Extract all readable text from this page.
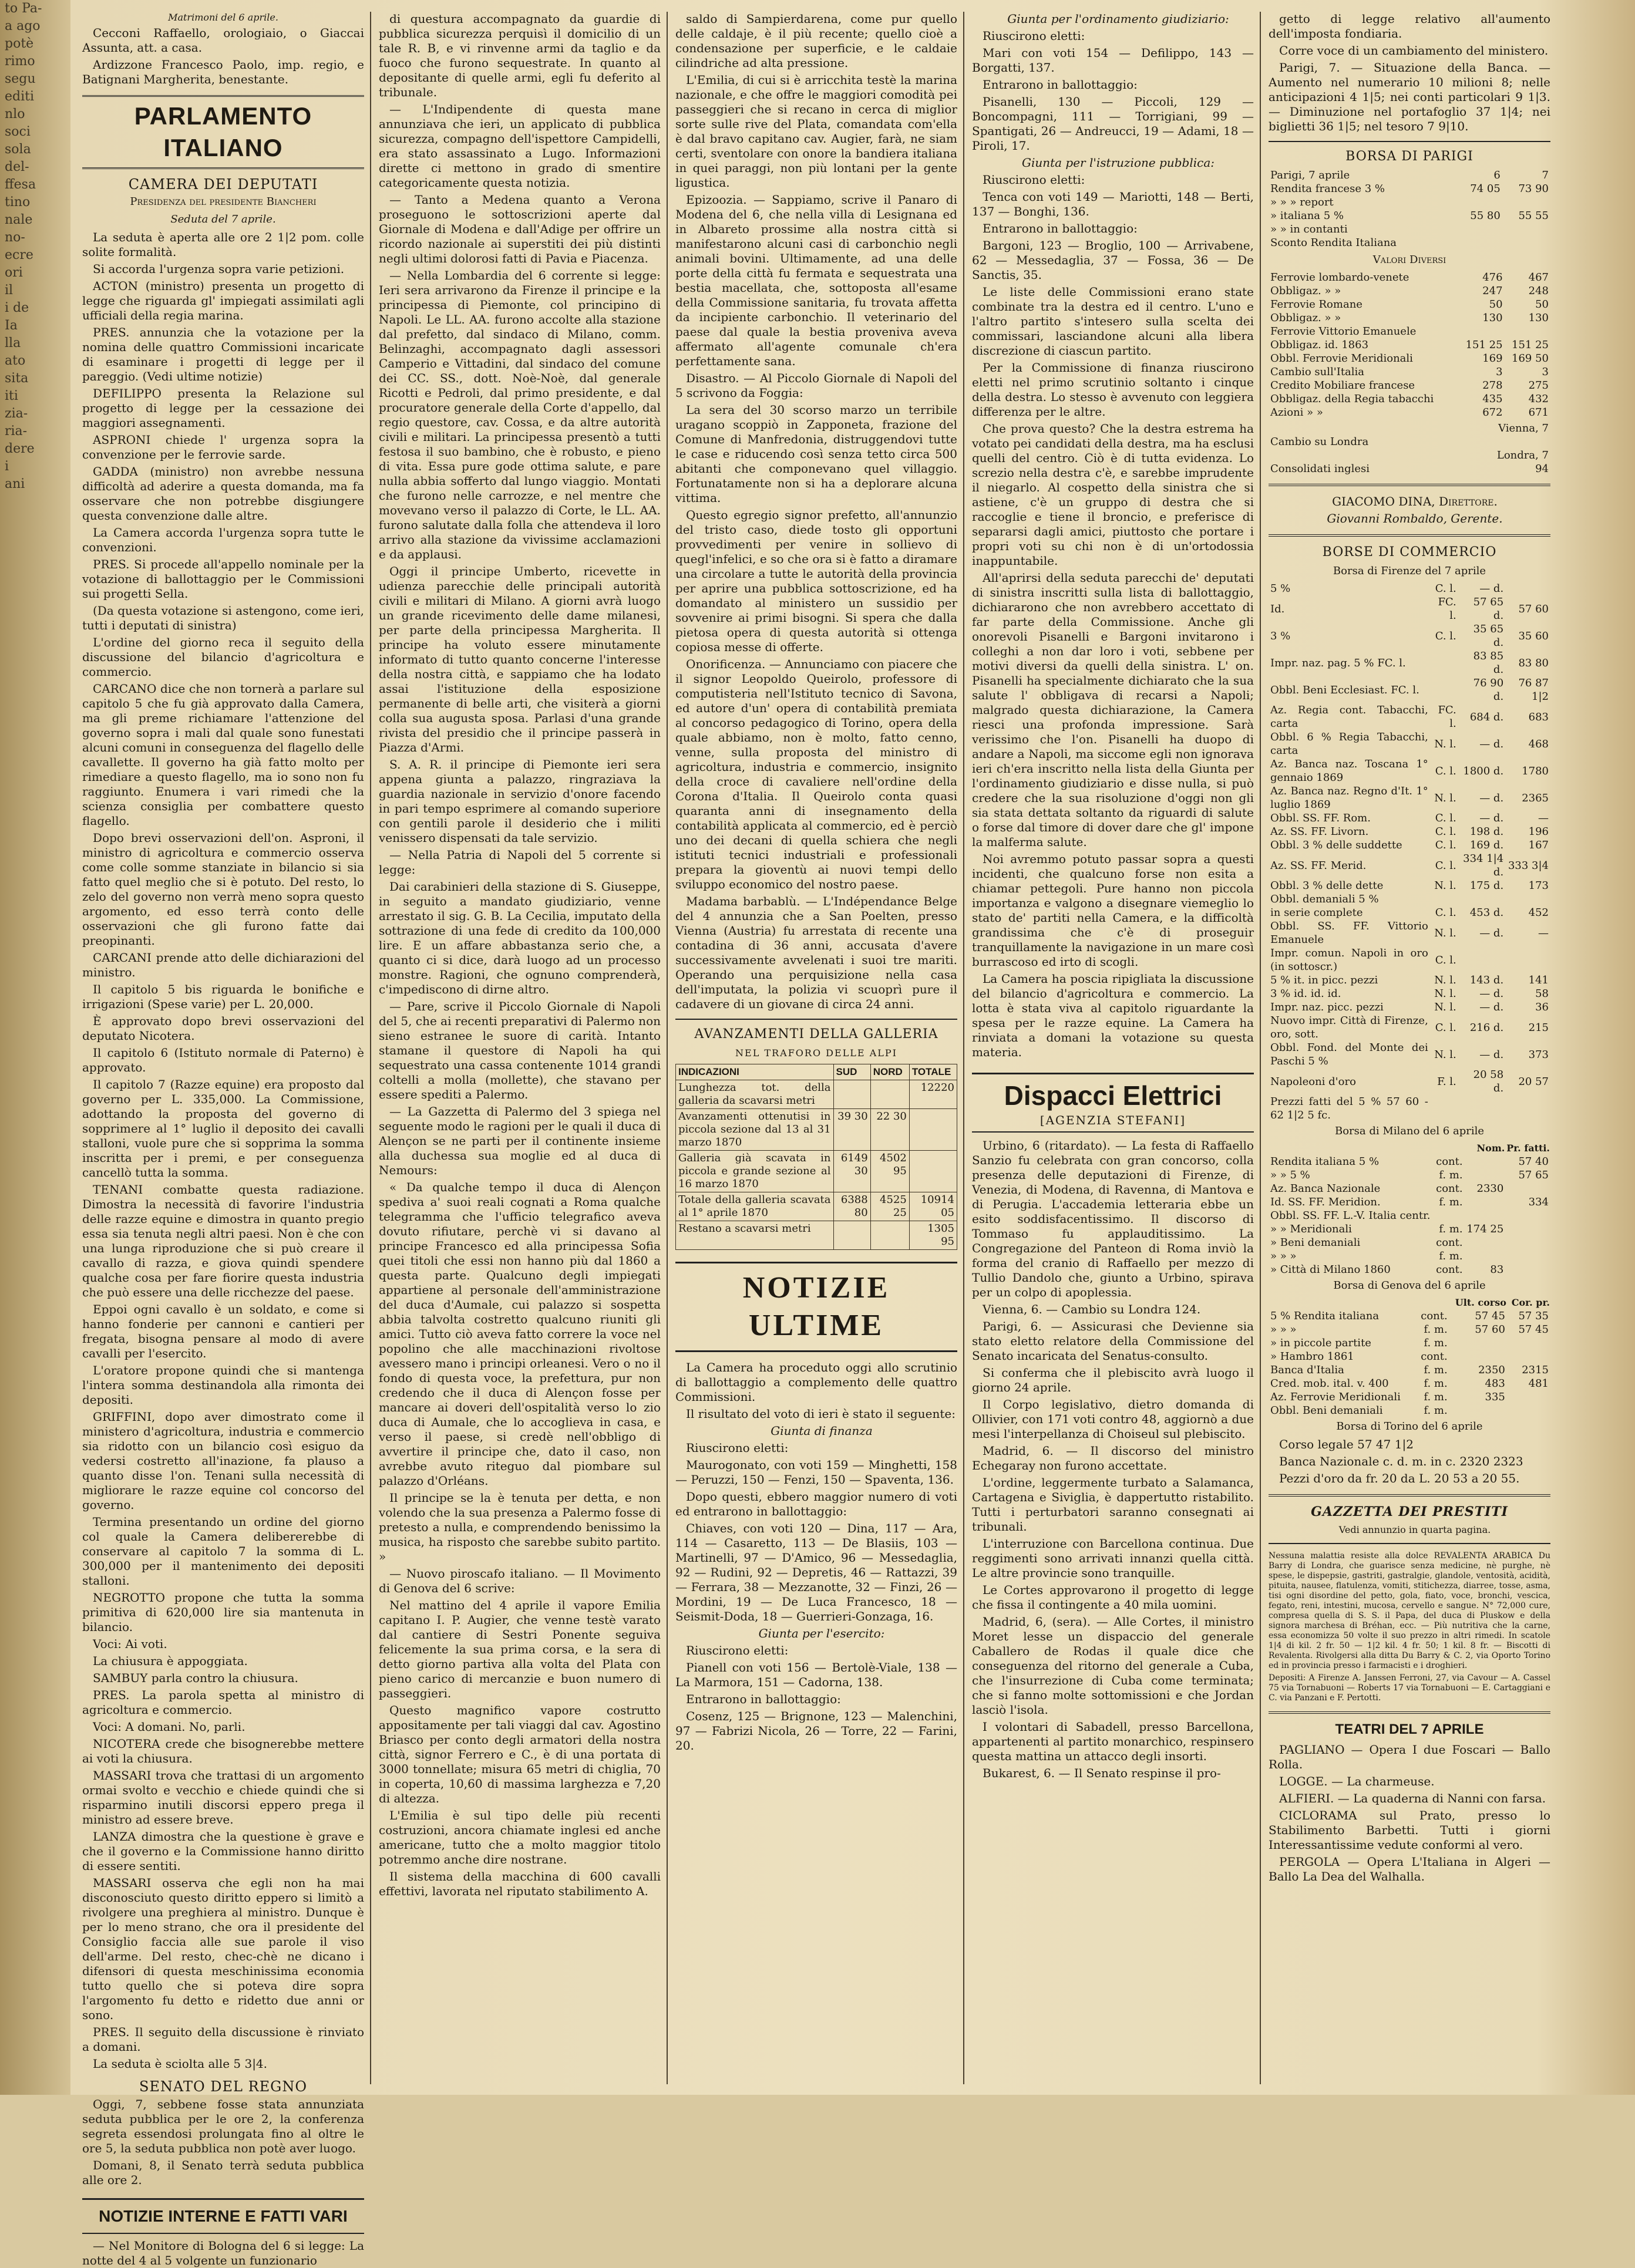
to Pa-

a ago

potè

rimo

segu

editi

nlo

soci

sola

del-

ffesa

tino

nale

no-

ecre

ori

il

i de

Ia

lla

ato

sita

iti

zia-

ria-

dere

i

ani

Matrimoni del 6 aprile.

Cecconi Raffaello, orologiaio, o Giaccai Assunta, att. a casa.

Ardizzone Francesco Paolo, imp. regio, e Batignani Margherita, benestante.

PARLAMENTO ITALIANO
CAMERA DEI DEPUTATI
Presidenza del presidente Biancheri
Seduta del 7 aprile.

La seduta è aperta alle ore 2 1|2 pom. colle solite formalità.

Si accorda l'urgenza sopra varie petizioni.

ACTON (ministro) presenta un progetto di legge che riguarda gl' impiegati assimilati agli ufficiali della regia marina.

PRES. annunzia che la votazione per la nomina delle quattro Commissioni incaricate di esaminare i progetti di legge per il pareggio. (Vedi ultime notizie)

DEFILIPPO presenta la Relazione sul progetto di legge per la cessazione dei maggiori assegnamenti.

ASPRONI chiede l' urgenza sopra la convenzione per le ferrovie sarde.

GADDA (ministro) non avrebbe nessuna difficoltà ad aderire a questa domanda, ma fa osservare che non potrebbe disgiungere questa convenzione dalle altre.

La Camera accorda l'urgenza sopra tutte le convenzioni.

PRES. Si procede all'appello nominale per la votazione di ballottaggio per le Commissioni sui progetti Sella.

(Da questa votazione si astengono, come ieri, tutti i deputati di sinistra)

L'ordine del giorno reca il seguito della discussione del bilancio d'agricoltura e commercio.

CARCANO dice che non tornerà a parlare sul capitolo 5 che fu già approvato dalla Camera, ma gli preme richiamare l'attenzione del governo sopra i mali dal quale sono funestati alcuni comuni in conseguenza del flagello delle cavallette. Il governo ha già fatto molto per rimediare a questo flagello, ma io sono non fu raggiunto. Enumera i vari rimedi che la scienza consiglia per combattere questo flagello.

Dopo brevi osservazioni dell'on. Asproni, il ministro di agricoltura e commercio osserva come colle somme stanziate in bilancio si sia fatto quel meglio che si è potuto. Del resto, lo zelo del governo non verrà meno sopra questo argomento, ed esso terrà conto delle osservazioni che gli furono fatte dai preopinanti.

CARCANI prende atto delle dichiarazioni del ministro.

Il capitolo 5 bis riguarda le bonifiche e irrigazioni (Spese varie) per L. 20,000.

È approvato dopo brevi osservazioni del deputato Nicotera.

Il capitolo 6 (Istituto normale di Paterno) è approvato.

Il capitolo 7 (Razze equine) era proposto dal governo per L. 335,000. La Commissione, adottando la proposta del governo di sopprimere al 1° luglio il deposito dei cavalli stalloni, vuole pure che si sopprima la somma inscritta per i premi, e per conseguenza cancellò tutta la somma.

TENANI combatte questa radiazione. Dimostra la necessità di favorire l'industria delle razze equine e dimostra in quanto pregio essa sia tenuta negli altri paesi. Non è che con una lunga riproduzione che si può creare il cavallo di razza, e giova quindi spendere qualche cosa per fare fiorire questa industria che può essere una delle ricchezze del paese.

Eppoi ogni cavallo è un soldato, e come si hanno fonderie per cannoni e cantieri per fregata, bisogna pensare al modo di avere cavalli per l'esercito.

L'oratore propone quindi che si mantenga l'intera somma destinandola alla rimonta dei depositi.

GRIFFINI, dopo aver dimostrato come il ministero d'agricoltura, industria e commercio sia ridotto con un bilancio così esiguo da vedersi costretto all'inazione, fa plauso a quanto disse l'on. Tenani sulla necessità di migliorare le razze equine col concorso del governo.

Termina presentando un ordine del giorno col quale la Camera delibererebbe di conservare al capitolo 7 la somma di L. 300,000 per il mantenimento dei depositi stalloni.

NEGROTTO propone che tutta la somma primitiva di 620,000 lire sia mantenuta in bilancio.

Voci: Ai voti.

La chiusura è appoggiata.

SAMBUY parla contro la chiusura.

PRES. La parola spetta al ministro di agricoltura e commercio.

Voci: A domani. No, parli.

NICOTERA crede che bisognerebbe mettere ai voti la chiusura.

MASSARI trova che trattasi di un argomento ormai svolto e vecchio e chiede quindi che si risparmino inutili discorsi eppero prega il ministro ad essere breve.

LANZA dimostra che la questione è grave e che il governo e la Commissione hanno diritto di essere sentiti.

MASSARI osserva che egli non ha mai disconosciuto questo diritto eppero si limitò a rivolgere una preghiera al ministro. Dunque è per lo meno strano, che ora il presidente del Consiglio faccia alle sue parole il viso dell'arme. Del resto, chec-chè ne dicano i difensori di questa meschinissima economia tutto quello che si poteva dire sopra l'argomento fu detto e ridetto due anni or sono.

PRES. Il seguito della discussione è rinviato a domani.

La seduta è sciolta alle 5 3|4.

SENATO DEL REGNO

Oggi, 7, sebbene fosse stata annunziata seduta pubblica per le ore 2, la conferenza segreta essendosi prolungata fino al oltre le ore 5, la seduta pubblica non potè aver luogo.

Domani, 8, il Senato terrà seduta pubblica alle ore 2.

NOTIZIE INTERNE E FATTI VARI

— Nel Monitore di Bologna del 6 si legge: La notte del 4 al 5 volgente un funzionario

di questura accompagnato da guardie di pubblica sicurezza perquisì il domicilio di un tale R. B, e vi rinvenne armi da taglio e da fuoco che furono sequestrate. In quanto al depositante di quelle armi, egli fu deferito al tribunale.

— L'Indipendente di questa mane annunziava che ieri, un applicato di pubblica sicurezza, compagno dell'ispettore Campidelli, era stato assassinato a Lugo. Informazioni dirette ci mettono in grado di smentire categoricamente questa notizia.

— Tanto a Medena quanto a Verona proseguono le sottoscrizioni aperte dal Giornale di Modena e dall'Adige per offrire un ricordo nazionale ai superstiti dei più distinti negli ultimi dolorosi fatti di Pavia e Piacenza.

— Nella Lombardia del 6 corrente si legge: Ieri sera arrivarono da Firenze il principe e la principessa di Piemonte, col principino di Napoli. Le LL. AA. furono accolte alla stazione dal prefetto, dal sindaco di Milano, comm. Belinzaghi, accompagnato dagli assessori Camperio e Vittadini, dal sindaco del comune dei CC. SS., dott. Noè-Noè, dal generale Ricotti e Pedroli, dal primo presidente, e dal procuratore generale della Corte d'appello, dal regio questore, cav. Cossa, e da altre autorità civili e militari. La principessa presentò a tutti festosa il suo bambino, che è robusto, e pieno di vita. Essa pure gode ottima salute, e pare nulla abbia sofferto dal lungo viaggio. Montati che furono nelle carrozze, e nel mentre che movevano verso il palazzo di Corte, le LL. AA. furono salutate dalla folla che attendeva il loro arrivo alla stazione da vivissime acclamazioni e da applausi.

Oggi il principe Umberto, ricevette in udienza parecchie delle principali autorità civili e militari di Milano. A giorni avrà luogo un grande ricevimento delle dame milanesi, per parte della principessa Margherita. Il principe ha voluto essere minutamente informato di tutto quanto concerne l'interesse della nostra città, e sappiamo che ha lodato assai l'istituzione della esposizione permanente di belle arti, che visiterà a giorni colla sua augusta sposa. Parlasi d'una grande rivista del presidio che il principe passerà in Piazza d'Armi.

S. A. R. il principe di Piemonte ieri sera appena giunta a palazzo, ringraziava la guardia nazionale in servizio d'onore facendo in pari tempo esprimere al comando superiore con gentili parole il desiderio che i militi venissero dispensati da tale servizio.

— Nella Patria di Napoli del 5 corrente si legge:

Dai carabinieri della stazione di S. Giuseppe, in seguito a mandato giudiziario, venne arrestato il sig. G. B. La Cecilia, imputato della sottrazione di una fede di credito da 100,000 lire. E un affare abbastanza serio che, a quanto ci si dice, darà luogo ad un processo monstre. Ragioni, che ognuno comprenderà, c'impediscono di dirne altro.

— Pare, scrive il Piccolo Giornale di Napoli del 5, che ai recenti preparativi di Palermo non sieno estranee le suore di carità. Intanto stamane il questore di Napoli ha qui sequestrato una cassa contenente 1014 grandi coltelli a molla (mollette), che stavano per essere spediti a Palermo.

— La Gazzetta di Palermo del 3 spiega nel seguente modo le ragioni per le quali il duca di Alençon se ne parti per il continente insieme alla duchessa sua moglie ed al duca di Nemours:

« Da qualche tempo il duca di Alençon spediva a' suoi reali cognati a Roma qualche telegramma che l'ufficio telegrafico aveva dovuto rifiutare, perchè vi si davano al principe Francesco ed alla principessa Sofia quei titoli che essi non hanno più dal 1860 a questa parte. Qualcuno degli impiegati appartiene al personale dell'amministrazione del duca d'Aumale, cui palazzo si sospetta abbia talvolta costretto qualcuno riuniti gli amici. Tutto ciò aveva fatto correre la voce nel popolino che alle macchinazioni rivoltose avessero mano i principi orleanesi. Vero o no il fondo di questa voce, la prefettura, pur non credendo che il duca di Alençon fosse per mancare ai doveri dell'ospitalità verso lo zio duca di Aumale, che lo accoglieva in casa, e verso il paese, si credè nell'obbligo di avvertire il principe che, dato il caso, non avrebbe avuto riteguo dal piombare sul palazzo d'Orléans.

Il principe se la è tenuta per detta, e non volendo che la sua presenza a Palermo fosse di pretesto a nulla, e comprendendo benissimo la musica, ha risposto che sarebbe subito partito. »

— Nuovo piroscafo italiano. — Il Movimento di Genova del 6 scrive:

Nel mattino del 4 aprile il vapore Emilia capitano I. P. Augier, che venne testè varato dal cantiere di Sestri Ponente seguiva felicemente la sua prima corsa, e la sera di detto giorno partiva alla volta del Plata con pieno carico di mercanzie e buon numero di passeggieri.

Questo magnifico vapore costrutto appositamente per tali viaggi dal cav. Agostino Briasco per conto degli armatori della nostra città, signor Ferrero e C., è di una portata di 3000 tonnellate; misura 65 metri di chiglia, 70 in coperta, 10,60 di massima larghezza e 7,20 di altezza.

L'Emilia è sul tipo delle più recenti costruzioni, ancora chiamate inglesi ed anche americane, tutto che a molto maggior titolo potremmo anche dire nostrane.

Il sistema della macchina di 600 cavalli effettivi, lavorata nel riputato stabilimento A.

saldo di Sampierdarena, come pur quello delle caldaje, è il più recente; quello cioè a condensazione per superficie, e le caldaie cilindriche ad alta pressione.

L'Emilia, di cui si è arricchita testè la marina nazionale, e che offre le maggiori comodità pei passeggieri che si recano in cerca di miglior sorte sulle rive del Plata, comandata com'ella è dal bravo capitano cav. Augier, farà, ne siam certi, sventolare con onore la bandiera italiana in quei paraggi, non più lontani per la gente ligustica.

Epizoozia. — Sappiamo, scrive il Panaro di Modena del 6, che nella villa di Lesignana ed in Albareto prossime alla nostra città si manifestarono alcuni casi di carbonchio negli animali bovini. Ultimamente, ad una delle porte della città fu fermata e sequestrata una bestia macellata, che, sottoposta all'esame della Commissione sanitaria, fu trovata affetta da incipiente carbonchio. Il veterinario del paese dal quale la bestia proveniva aveva affermato all'agente comunale ch'era perfettamente sana.

Disastro. — Al Piccolo Giornale di Napoli del 5 scrivono da Foggia:

La sera del 30 scorso marzo un terribile uragano scoppiò in Zapponeta, frazione del Comune di Manfredonia, distruggendovi tutte le case e riducendo così senza tetto circa 500 abitanti che componevano quel villaggio. Fortunatamente non si ha a deplorare alcuna vittima.

Questo egregio signor prefetto, all'annunzio del tristo caso, diede tosto gli opportuni provvedimenti per venire in sollievo di quegl'infelici, e so che ora si è fatto a diramare una circolare a tutte le autorità della provincia per aprire una pubblica sottoscrizione, ed ha domandato al ministero un sussidio per sovvenire ai primi bisogni. Si spera che dalla pietosa opera di questa autorità si ottenga copiosa messe di offerte.

Onorificenza. — Annunciamo con piacere che il signor Leopoldo Queirolo, professore di computisteria nell'Istituto tecnico di Savona, ed autore d'un' opera di contabilità premiata al concorso pedagogico di Torino, opera della quale abbiamo, non è molto, fatto cenno, venne, sulla proposta del ministro di agricoltura, industria e commercio, insignito della croce di cavaliere nell'ordine della Corona d'Italia. Il Queirolo conta quasi quaranta anni di insegnamento della contabilità applicata al commercio, ed è perciò uno dei decani di quella schiera che negli istituti tecnici industriali e professionali prepara la gioventù ai nuovi tempi dello sviluppo economico del nostro paese.

Madama barbablù. — L'Indépendance Belge del 4 annunzia che a San Poelten, presso Vienna (Austria) fu arrestata di recente una contadina di 36 anni, accusata d'avere successivamente avvelenati i suoi tre mariti. Operando una perquisizione nella casa dell'imputata, la polizia vi scuoprì pure il cadavere di un giovane di circa 24 anni.

AVANZAMENTI DELLA GALLERIA
NEL TRAFORO DELLE ALPI
INDICAZIONI	SUD	NORD	TOTALE
Lunghezza tot. della galleria da scavarsi metri			12220
Avanzamenti ottenutisi in piccola sezione dal 13 al 31 marzo 1870	39 30	22 30	
Galleria già scavata in piccola e grande sezione al 16 marzo 1870	6149 30	4502 95	
Totale della galleria scavata al 1° aprile 1870	6388 80	4525 25	10914 05
Restano a scavarsi metri			1305 95
NOTIZIE ULTIME

La Camera ha proceduto oggi allo scrutinio di ballottaggio a complemento delle quattro Commissioni.

Il risultato del voto di ieri è stato il seguente:

Giunta di finanza

Riuscirono eletti:

Maurogonato, con voti 159 — Minghetti, 158 — Peruzzi, 150 — Fenzi, 150 — Spaventa, 136.

Dopo questi, ebbero maggior numero di voti ed entrarono in ballottaggio:

Chiaves, con voti 120 — Dina, 117 — Ara, 114 — Casaretto, 113 — De Blasiis, 103 — Martinelli, 97 — D'Amico, 96 — Messedaglia, 92 — Rudini, 92 — Depretis, 46 — Rattazzi, 39 — Ferrara, 38 — Mezzanotte, 32 — Finzi, 26 — Mordini, 19 — De Luca Francesco, 18 — Seismit-Doda, 18 — Guerrieri-Gonzaga, 16.

Giunta per l'esercito:

Riuscirono eletti:

Pianell con voti 156 — Bertolè-Viale, 138 — La Marmora, 151 — Cadorna, 138.

Entrarono in ballottaggio:

Cosenz, 125 — Brignone, 123 — Malenchini, 97 — Fabrizi Nicola, 26 — Torre, 22 — Farini, 20.

Giunta per l'ordinamento giudiziario:

Riuscirono eletti:

Mari con voti 154 — Defilippo, 143 — Borgatti, 137.

Entrarono in ballottaggio:

Pisanelli, 130 — Piccoli, 129 — Boncompagni, 111 — Torrigiani, 99 — Spantigati, 26 — Andreucci, 19 — Adami, 18 — Piroli, 17.

Giunta per l'istruzione pubblica:

Riuscirono eletti:

Tenca con voti 149 — Mariotti, 148 — Berti, 137 — Bonghi, 136.

Entrarono in ballottaggio:

Bargoni, 123 — Broglio, 100 — Arrivabene, 62 — Messedaglia, 37 — Fossa, 36 — De Sanctis, 35.

Le liste delle Commissioni erano state combinate tra la destra ed il centro. L'uno e l'altro partito s'intesero sulla scelta dei commissari, lasciandone alcuni alla libera discrezione di ciascun partito.

Per la Commissione di finanza riuscirono eletti nel primo scrutinio soltanto i cinque della destra. Lo stesso è avvenuto con leggiera differenza per le altre.

Che prova questo? Che la destra estrema ha votato pei candidati della destra, ma ha esclusi quelli del centro. Ciò è di tutta evidenza. Lo screzio nella destra c'è, e sarebbe imprudente il niegarlo. Al cospetto della sinistra che si astiene, c'è un gruppo di destra che si raccoglie e tiene il broncio, e preferisce di separarsi dagli amici, piuttosto che portare i propri voti su chi non è di un'ortodossia inappuntabile.

All'aprirsi della seduta parecchi de' deputati di sinistra inscritti sulla lista di ballottaggio, dichiararono che non avrebbero accettato di far parte della Commissione. Anche gli onorevoli Pisanelli e Bargoni invitarono i colleghi a non dar loro i voti, sebbene per motivi diversi da quelli della sinistra. L' on. Pisanelli ha specialmente dichiarato che la sua salute l' obbligava di recarsi a Napoli; malgrado questa dichiarazione, la Camera riesci una profonda impressione. Sarà verissimo che l'on. Pisanelli ha duopo di andare a Napoli, ma siccome egli non ignorava ieri ch'era inscritto nella lista della Giunta per l'ordinamento giudiziario e disse nulla, si può credere che la sua risoluzione d'oggi non gli sia stata dettata soltanto da riguardi di salute o forse dal timore di dover dare che gl' impone la malferma salute.

Noi avremmo potuto passar sopra a questi incidenti, che qualcuno forse non esita a chiamar pettegoli. Pure hanno non piccola importanza e valgono a disegnare viemeglio lo stato de' partiti nella Camera, e la difficoltà grandissima che c'è di proseguir tranquillamente la navigazione in un mare così burrascoso ed irto di scogli.

La Camera ha posciа ripigliata la discussione del bilancio d'agricoltura e commercio. La lotta è stata viva al capitolo riguardante la spesa per le razze equine. La Camera ha rinviata a domani la votazione su questa materia.

Dispacci Elettrici
[AGENZIA STEFANI]

Urbino, 6 (ritardato). — La festa di Raffaello Sanzio fu celebrata con gran concorso, colla presenza delle deputazioni di Firenze, di Venezia, di Modena, di Ravenna, di Mantova e di Perugia. L'accademia letteraria ebbe un esito soddisfacentissimo. Il discorso di Tommaso fu applauditissimo. La Congregazione del Panteon di Roma inviò la forma del cranio di Raffaello per mezzo di Tullio Dandolo che, giunto a Urbino, spirava per un colpo di apoplessia.

Vienna, 6. — Cambio su Londra 124.

Parigi, 6. — Assicurasi che Devienne sia stato eletto relatore della Commissione del Senato incaricata del Senatus-consulto.

Si conferma che il plebiscito avrà luogo il giorno 24 aprile.

Il Corpo legislativo, dietro domanda di Ollivier, con 171 voti contro 48, aggiornò a due mesi l'interpellanza di Choiseul sul plebiscito.

Madrid, 6. — Il discorso del ministro Echegaray non furono accettate.

L'ordine, leggermente turbato a Salamanca, Cartagena e Siviglia, è dappertutto ristabilito. Tutti i perturbatori saranno consegnati ai tribunali.

L'interruzione con Barcellona continua. Due reggimenti sono arrivati innanzi quella città. Le altre provincie sono tranquille.

Le Cortes approvarono il progetto di legge che fissa il contingente a 40 mila uomini.

Madrid, 6, (sera). — Alle Cortes, il ministro Moret lesse un dispaccio del generale Caballero de Rodas il quale dice che conseguenza del ritorno del generale a Cuba, che l'insurrezione di Cuba come terminata; che si fanno molte sottomissioni e che Jordan lasciò l'isola.

I volontari di Sabadell, presso Barcellona, appartenenti al partito monarchico, respinsero questa mattina un attacco degli insorti.

Bukarest, 6. — Il Senato respinse il pro-

getto di legge relativo all'aumento dell'imposta fondiaria.

Corre voce di un cambiamento del ministero.

Parigi, 7. — Situazione della Banca. — Aumento nel numerario 10 milioni 8; nelle anticipazioni 4 1|5; nei conti particolari 9 1|3. — Diminuzione nel portafoglio 37 1|4; nei biglietti 36 1|5; nel tesoro 7 9|10.

BORSA DI PARIGI
Parigi, 7 aprile	6	7
Rendita francese 3 %	74 05	73 90
» » » report		
» italiana 5 %	55 80	55 55
» » in contanti		
Sconto Rendita Italiana		
Valori Diversi
Ferrovie lombardo-venete	476	467
Obbligaz. » »	247	248
Ferrovie Romane	50	50
Obbligaz. » »	130	130
Ferrovie Vittorio Emanuele		
Obbligaz. id. 1863	151 25	151 25
Obbl. Ferrovie Meridionali	169	169 50
Cambio sull'Italia	3	3
Credito Mobiliare francese	278	275
Obbligaz. della Regia tabacchi	435	432
Azioni » »	672	671
	Vienna, 7
Cambio su Londra	
	Londra, 7
Consolidati inglesi	94

GIACOMO DINA, Direttore.

Giovanni Rombaldo, Gerente.

BORSE DI COMMERCIO
Borsa di Firenze del 7 aprile
5 %	C. l.	— d.	
Id.	FC. l.	57 65 d.	57 60
3 %	C. l.	35 65 d.	35 60
Impr. naz. pag. 5 % FC. l.		83 85 d.	83 80
Obbl. Beni Ecclesiast. FC. l.		76 90 d.	76 87 1|2
Az. Regia cont. Tabacchi, carta	FC. l.	684 d.	683
Obbl. 6 % Regia Tabacchi, carta	N. l.	— d.	468
Az. Banca naz. Toscana 1° gennaio 1869	C. l.	1800 d.	1780
Az. Banca naz. Regno d'It. 1° luglio 1869	N. l.	— d.	2365
Obbl. SS. FF. Rom.	C. l.	— d.	—
Az. SS. FF. Livorn.	C. l.	198 d.	196
Obbl. 3 % delle suddette	C. l.	169 d.	167
Az. SS. FF. Merid.	C. l.	334 1|4 d.	333 3|4
Obbl. 3 % delle dette	N. l.	175 d.	173
Obbl. demaniali 5 %			
in serie complete	C. l.	453 d.	452
Obbl. SS. FF. Vittorio Emanuele	N. l.	— d.	—
Impr. comun. Napoli in oro (in sottoscr.)	C. l.		
5 % it. in picc. pezzi	N. l.	143 d.	141
3 % id. id. id.	N. l.	— d.	58
Impr. naz. picc. pezzi	N. l.	— d.	36
Nuovo impr. Città di Firenze, oro, sott.	C. l.	216 d.	215
Obbl. Fond. del Monte dei Paschi 5 %	N. l.	— d.	373
Napoleoni d'oro	F. l.	20 58 d.	20 57
Prezzi fatti del 5 % 57 60 - 62 1|2 5 fc.			
Borsa di Milano del 6 aprile
		Nom.	Pr. fatti.
Rendita italiana 5 %	cont.		57 40
» » 5 %	f. m.		57 65
Az. Banca Nazionale	cont.	2330	
Id. SS. FF. Meridion.	f. m.		334
Obbl. SS. FF. L.-V. Italia centr.			
» » Meridionali	f. m.	174 25	
» Beni demaniali	cont.		
» » »	f. m.		
» Città di Milano 1860	cont.	83	
Borsa di Genova del 6 aprile
		Ult. corso	Cor. pr.
5 % Rendita italiana	cont.	57 45	57 35
» » »	f. m.	57 60	57 45
» in piccole partite	f. m.		
» Hambro 1861	cont.		
Banca d'Italia	f. m.	2350	2315
Cred. mob. ital. v. 400	f. m.	483	481
Az. Ferrovie Meridionali	f. m.	335	
Obbl. Beni demaniali	f. m.		
Borsa di Torino del 6 aprile

Corso legale 57 47 1|2

Banca Nazionale c. d. m. in c. 2320 2323

Pezzi d'oro da fr. 20 da L. 20 53 a 20 55.

GAZZETTA DEI PRESTITI

Vedi annunzio in quarta pagina.

Nessuna malattia resiste alla dolce REVALENTA ARABICA Du Barry di Londra, che guarisce senza medicine, nè purghe, nè spese, le dispepsie, gastriti, gastralgie, glandole, ventosità, acidità, pituita, nausee, flatulenza, vomiti, stitichezza, diarree, tosse, asma, tisi ogni disordine del petto, gola, fiato, voce, bronchi, vescica, fegato, reni, intestini, mucosa, cervello e sangue. N° 72,000 cure, compresa quella di S. S. il Papa, del duca di Pluskow e della signora marchesa di Bréhan, ecc. — Più nutritiva che la carne, essa economizza 50 volte il suo prezzo in altri rimedi. In scatole 1|4 di kil. 2 fr. 50 — 1|2 kil. 4 fr. 50; 1 kil. 8 fr. — Biscotti di Revalenta. Rivolgersi alla ditta Du Barry & C. 2, via Oporto Torino ed in provincia presso i farmacisti e i droghieri.

Depositi: A Firenze A. Janssen Ferroni, 27, via Cavour — A. Cassel 75 via Tornabuoni — Roberts 17 via Tornabuoni — E. Cartaggiani e C. via Panzani e F. Pertotti.

TEATRI DEL 7 APRILE

PAGLIANO — Opera I due Foscari — Ballo Rolla.

LOGGE. — La charmeuse.

ALFIERI. — La quaderna di Nanni con farsa.

CICLORAMA sul Prato, presso lo Stabilimento Barbetti. Tutti i giorni Interessantissime vedute conformi al vero.

PERGOLA — Opera L'Italiana in Algeri — Ballo La Dea del Walhalla.
